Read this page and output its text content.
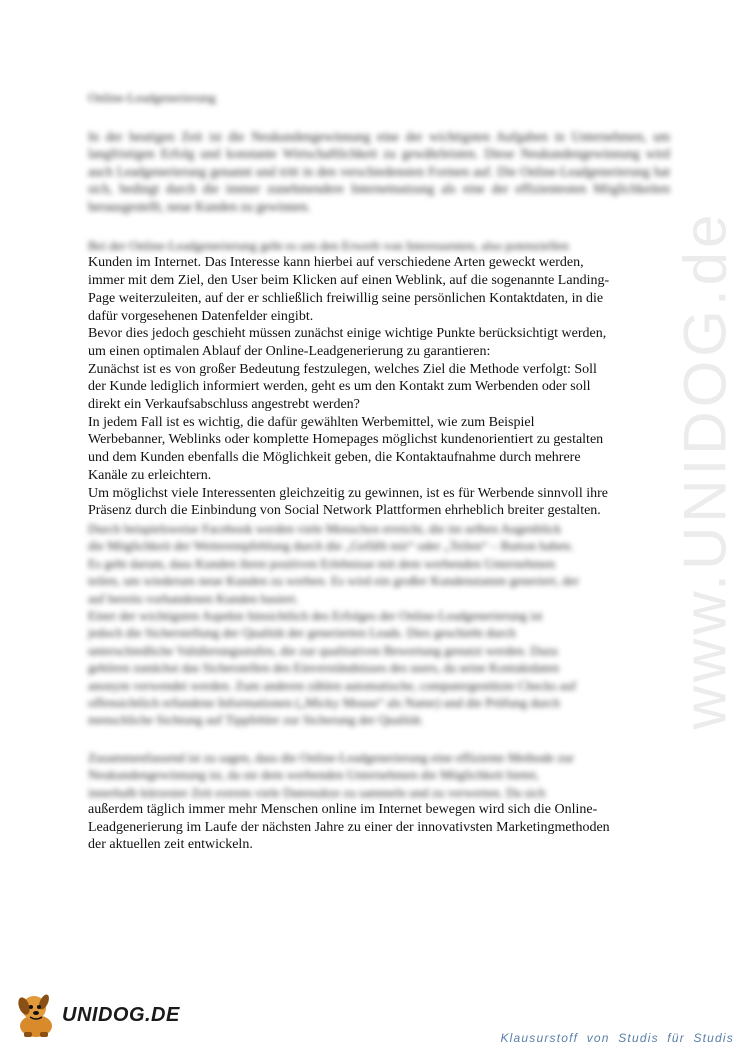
www.UNIDOG.de
Online-Leadgenerierung
In der heutigen Zeit ist die Neukundengewinnung eine der wichtigsten Aufgaben in Unternehmen, um langfristigen Erfolg und konstante Wirtschaftlichkeit zu gewährleisten. Diese Neukundengewinnung wird auch Leadgenerierung genannt und tritt in den verschiedensten Formen auf. Die Online-Leadgenerierung hat sich, bedingt durch die immer zunehmendere Internetnutzung als eine der effizientesten Möglichkeiten herausgestellt, neue Kunden zu gewinnen.
Bei der Online-Leadgenerierung geht es um den Erwerb von Interessenten, also potenziellen
Kunden im Internet. Das Interesse kann hierbei auf verschiedene Arten geweckt werden,
immer mit dem Ziel, den User beim Klicken auf einen Weblink, auf die sogenannte Landing-
Page weiterzuleiten, auf der er schließlich freiwillig seine persönlichen Kontaktdaten, in die
dafür vorgesehenen Datenfelder eingibt.
Bevor dies jedoch geschieht müssen zunächst einige wichtige Punkte berücksichtigt werden,
um einen optimalen Ablauf der Online-Leadgenerierung zu garantieren:
Zunächst ist es von großer Bedeutung festzulegen, welches Ziel die Methode verfolgt: Soll
der Kunde lediglich informiert werden, geht es um den Kontakt zum Werbenden oder soll
direkt ein Verkaufsabschluss angestrebt werden?
In jedem Fall ist es wichtig, die dafür gewählten Werbemittel, wie zum Beispiel
Werbebanner, Weblinks oder komplette Homepages möglichst kundenorientiert zu gestalten
und dem Kunden ebenfalls die Möglichkeit geben, die Kontaktaufnahme durch mehrere
Kanäle zu erleichtern.
Um möglichst viele Interessenten gleichzeitig zu gewinnen, ist es für Werbende sinnvoll ihre
Präsenz durch die Einbindung von Social Network Plattformen ehrheblich breiter gestalten.
Durch beispielsweise Facebook werden viele Menschen erreicht, die im selben Augenblick
die Möglichkeit der Weiterempfehlung durch die „Gefällt mir“ oder „Teilen“ – Button haben.
Es geht darum, dass Kunden ihren positiven Erlebnisse mit dem werbenden Unternehmen
teilen, um wiederum neue Kunden zu werben. Es wird ein großer Kundenstamm generiert, der
auf bereits vorhandenen Kunden basiert.
Einer der wichtigsten Aspekte hinsichtlich des Erfolges der Online-Leadgenerierung ist
jedoch die Sicherstellung der Qualität der generierten Leads. Dies geschieht durch
unterschiedliche Validierungsstufen, die zur qualitativen Bewertung genutzt werden. Dazu
gehören zunächst das Sicherstellen des Einverständnisses des users, da seine Kontaktdaten
anonym verwendet werden. Zum anderen zählen automatische, computergestützte Checks auf
offensichtlich erfundene Informationen („Micky Mouse“ als Name) und die Prüfung durch
menschliche Sichtung auf Tippfehler zur Sicherung der Qualität.
Zusammenfassend ist zu sagen, dass die Online-Leadgenerierung eine effiziente Methode zur
Neukundengewinnung ist, da sie dem werbenden Unternehmen die Möglichkeit bietet,
innerhalb kürzester Zeit extrem viele Datensätze zu sammeln und zu verwerten. Da sich
außerdem täglich immer mehr Menschen online im Internet bewegen wird sich die Online-
Leadgenerierung im Laufe der nächsten Jahre zu einer der innovativsten Marketingmethoden
der aktuellen zeit entwickeln.
UNIDOG.DE
Klausurstoff von Studis für Studis
